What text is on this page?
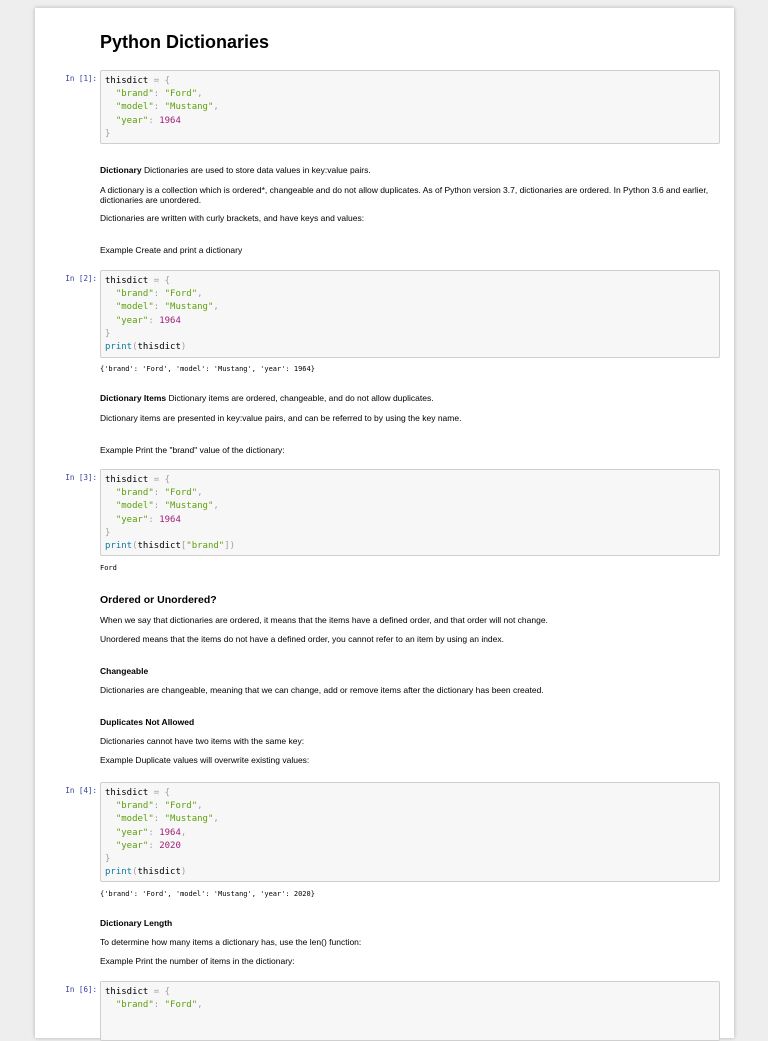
Python Dictionaries
In [1]: thisdict = {
"brand": "Ford",
"model": "Mustang",
"year": 1964
}

Dictionary Dictionaries are used to store data values in key:value pairs.

A dictionary is a collection which is ordered*, changeable and do not allow duplicates. As of Python version 3.7, dictionaries are ordered. In Python 3.6 and earlier, dictionaries are unordered.

Dictionaries are written with curly brackets, and have keys and values:

Example Create and print a dictionary

In [2]: thisdict = {
"brand": "Ford",
"model": "Mustang",
"year": 1964
}
print(thisdict)
{'brand': 'Ford', 'model': 'Mustang', 'year': 1964}

Dictionary Items Dictionary items are ordered, changeable, and do not allow duplicates.

Dictionary items are presented in key:value pairs, and can be referred to by using the key name.

Example Print the "brand" value of the dictionary:

In [3]: thisdict = {
"brand": "Ford",
"model": "Mustang",
"year": 1964
}
print(thisdict["brand"])
Ford
Ordered or Unordered?

When we say that dictionaries are ordered, it means that the items have a defined order, and that order will not change.

Unordered means that the items do not have a defined order, you cannot refer to an item by using an index.

Changeable

Dictionaries are changeable, meaning that we can change, add or remove items after the dictionary has been created.

Duplicates Not Allowed

Dictionaries cannot have two items with the same key:

Example Duplicate values will overwrite existing values:

In [4]: thisdict = {
"brand": "Ford",
"model": "Mustang",
"year": 1964,
"year": 2020
}
print(thisdict)
{'brand': 'Ford', 'model': 'Mustang', 'year': 2020}
Dictionary Length

To determine how many items a dictionary has, use the len() function:

Example Print the number of items in the dictionary:

In [6]: thisdict = {
"brand": "Ford",
